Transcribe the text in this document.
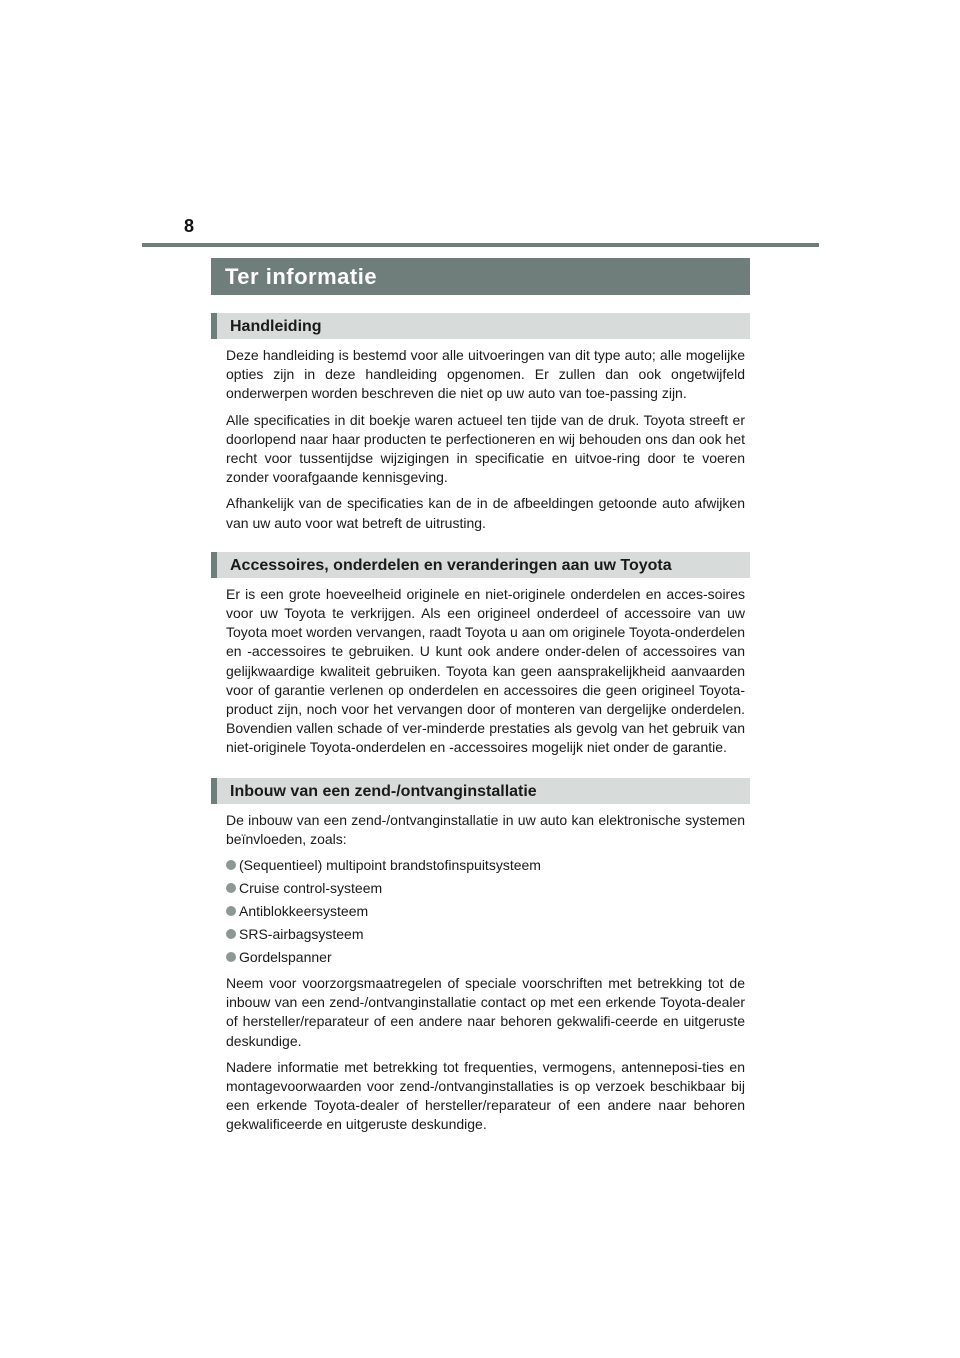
8
Ter informatie
Handleiding

Deze handleiding is bestemd voor alle uitvoeringen van dit type auto; alle mogelijke opties zijn in deze handleiding opgenomen. Er zullen dan ook ongetwijfeld onderwerpen worden beschreven die niet op uw auto van toe-passing zijn.

Alle specificaties in dit boekje waren actueel ten tijde van de druk. Toyota streeft er doorlopend naar haar producten te perfectioneren en wij behouden ons dan ook het recht voor tussentijdse wijzigingen in specificatie en uitvoe-ring door te voeren zonder voorafgaande kennisgeving.

Afhankelijk van de specificaties kan de in de afbeeldingen getoonde auto afwijken van uw auto voor wat betreft de uitrusting.

Accessoires, onderdelen en veranderingen aan uw Toyota

Er is een grote hoeveelheid originele en niet-originele onderdelen en acces-soires voor uw Toyota te verkrijgen. Als een origineel onderdeel of accessoire van uw Toyota moet worden vervangen, raadt Toyota u aan om originele Toyota-onderdelen en -accessoires te gebruiken. U kunt ook andere onder-delen of accessoires van gelijkwaardige kwaliteit gebruiken. Toyota kan geen aansprakelijkheid aanvaarden voor of garantie verlenen op onderdelen en accessoires die geen origineel Toyota-product zijn, noch voor het vervangen door of monteren van dergelijke onderdelen. Bovendien vallen schade of ver-minderde prestaties als gevolg van het gebruik van niet-originele Toyota-onderdelen en -accessoires mogelijk niet onder de garantie.

Inbouw van een zend-/ontvanginstallatie

De inbouw van een zend-/ontvanginstallatie in uw auto kan elektronische systemen beïnvloeden, zoals:

(Sequentieel) multipoint brandstofinspuitsysteem
Cruise control-systeem
Antiblokkeersysteem
SRS-airbagsysteem
Gordelspanner

Neem voor voorzorgsmaatregelen of speciale voorschriften met betrekking tot de inbouw van een zend-/ontvanginstallatie contact op met een erkende Toyota-dealer of hersteller/reparateur of een andere naar behoren gekwalifi-ceerde en uitgeruste deskundige.

Nadere informatie met betrekking tot frequenties, vermogens, antenneposi-ties en montagevoorwaarden voor zend-/ontvanginstallaties is op verzoek beschikbaar bij een erkende Toyota-dealer of hersteller/reparateur of een andere naar behoren gekwalificeerde en uitgeruste deskundige.
